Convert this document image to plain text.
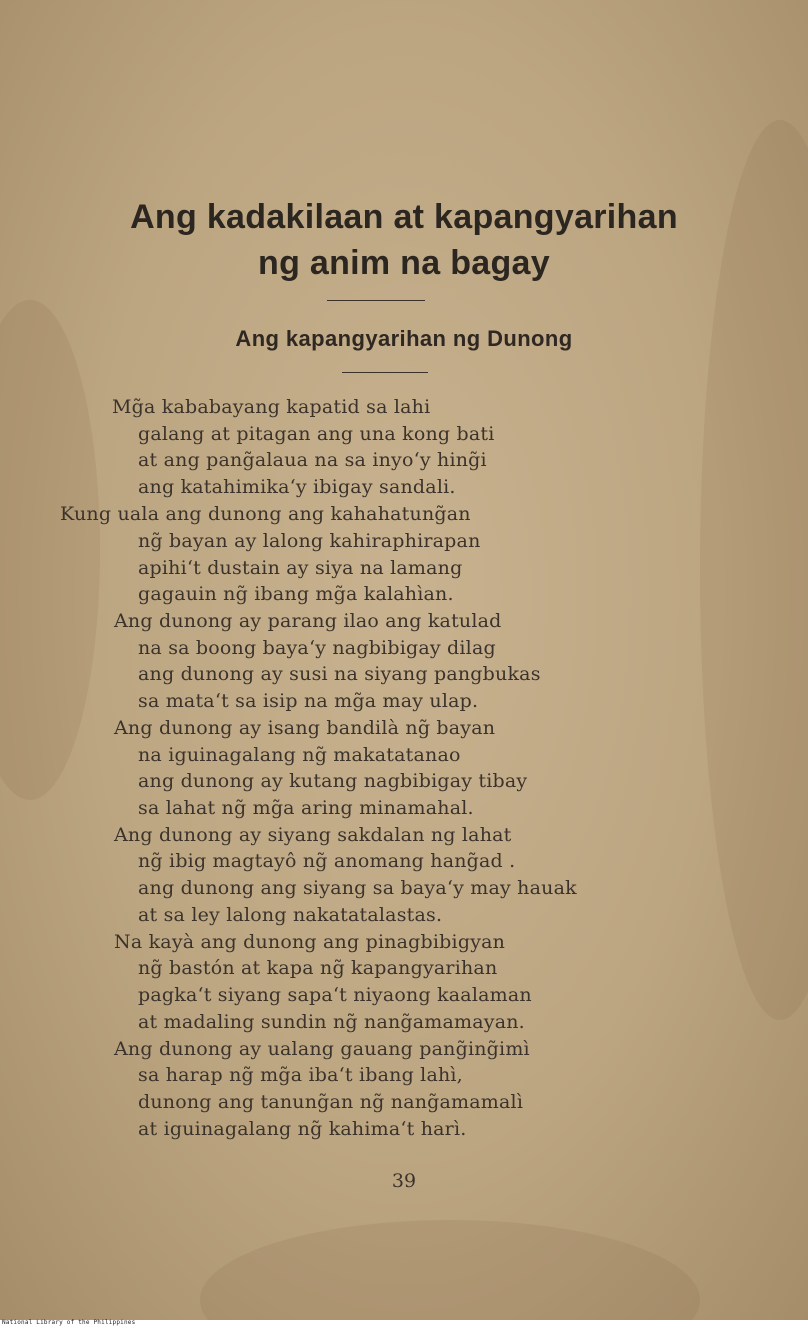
Ang kadakilaan at kapangyarihan
ng anim na bagay
Ang kapangyarihan ng Dunong
Mg̃a kababayang kapatid sa lahi
galang at pitagan ang una kong bati
at ang pang̃alaua na sa inyo‘y hing̃i
ang katahimika‘y ibigay sandali.
Kung uala ang dunong ang kahahatung̃an
ng̃ bayan ay lalong kahiraphirapan
apihi‘t dustain ay siya na lamang
gagauin ng̃ ibang mg̃a kalahìan.
Ang dunong ay parang ilao ang katulad
na sa boong baya‘y nagbibigay dilag
ang dunong ay susi na siyang pangbukas
sa mata‘t sa isip na mg̃a may ulap.
Ang dunong ay isang bandilà ng̃ bayan
na iguinagalang ng̃ makatatanao
ang dunong ay kutang nagbibigay tibay
sa lahat ng̃ mg̃a aring minamahal.
Ang dunong ay siyang sakdalan ng lahat
ng̃ ibig magtayô ng̃ anomang hang̃ad .
ang dunong ang siyang sa baya‘y may hauak
at sa ley lalong nakatatalastas.
Na kayà ang dunong ang pinagbibigyan
ng̃ bastón at kapa ng̃ kapangyarihan
pagka‘t siyang sapa‘t niyaong kaalaman
at madaling sundin ng̃ nang̃amamayan.
Ang dunong ay ualang gauang pang̃ing̃imì
sa harap ng̃ mg̃a iba‘t ibang lahì,
dunong ang tanung̃an ng̃ nang̃amamalì
at iguinagalang ng̃ kahima‘t harì.
39
National Library of the Philippines
